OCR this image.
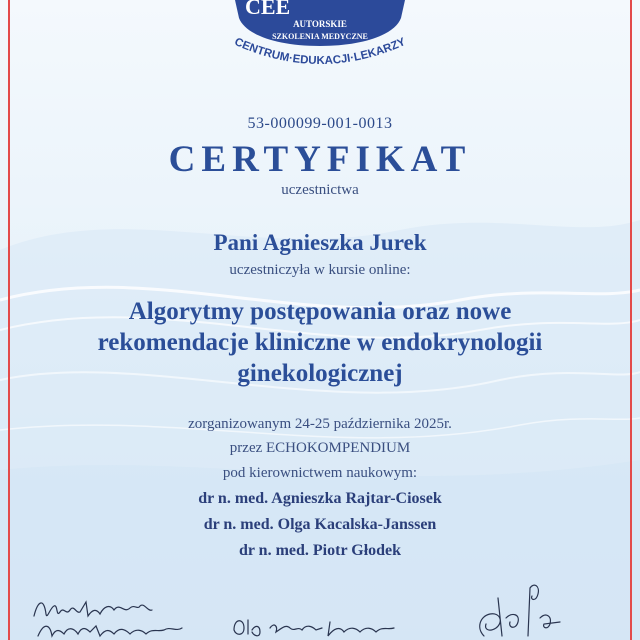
CEE
AUTORSKIE
SZKOLENIA MEDYCZNE
CENTRUM·EDUKACJI·LEKARZY
53-000099-001-0013
CERTYFIKAT
uczestnictwa
Pani Agnieszka Jurek
uczestniczyła w kursie online:
Algorytmy postępowania oraz nowe
rekomendacje kliniczne w endokrynologii
ginekologicznej
zorganizowanym 24-25 października 2025r.
przez ECHOKOMPENDIUM
pod kierownictwem naukowym:
dr n. med. Agnieszka Rajtar-Ciosek
dr n. med. Olga Kacalska-Janssen
dr n. med. Piotr Głodek
